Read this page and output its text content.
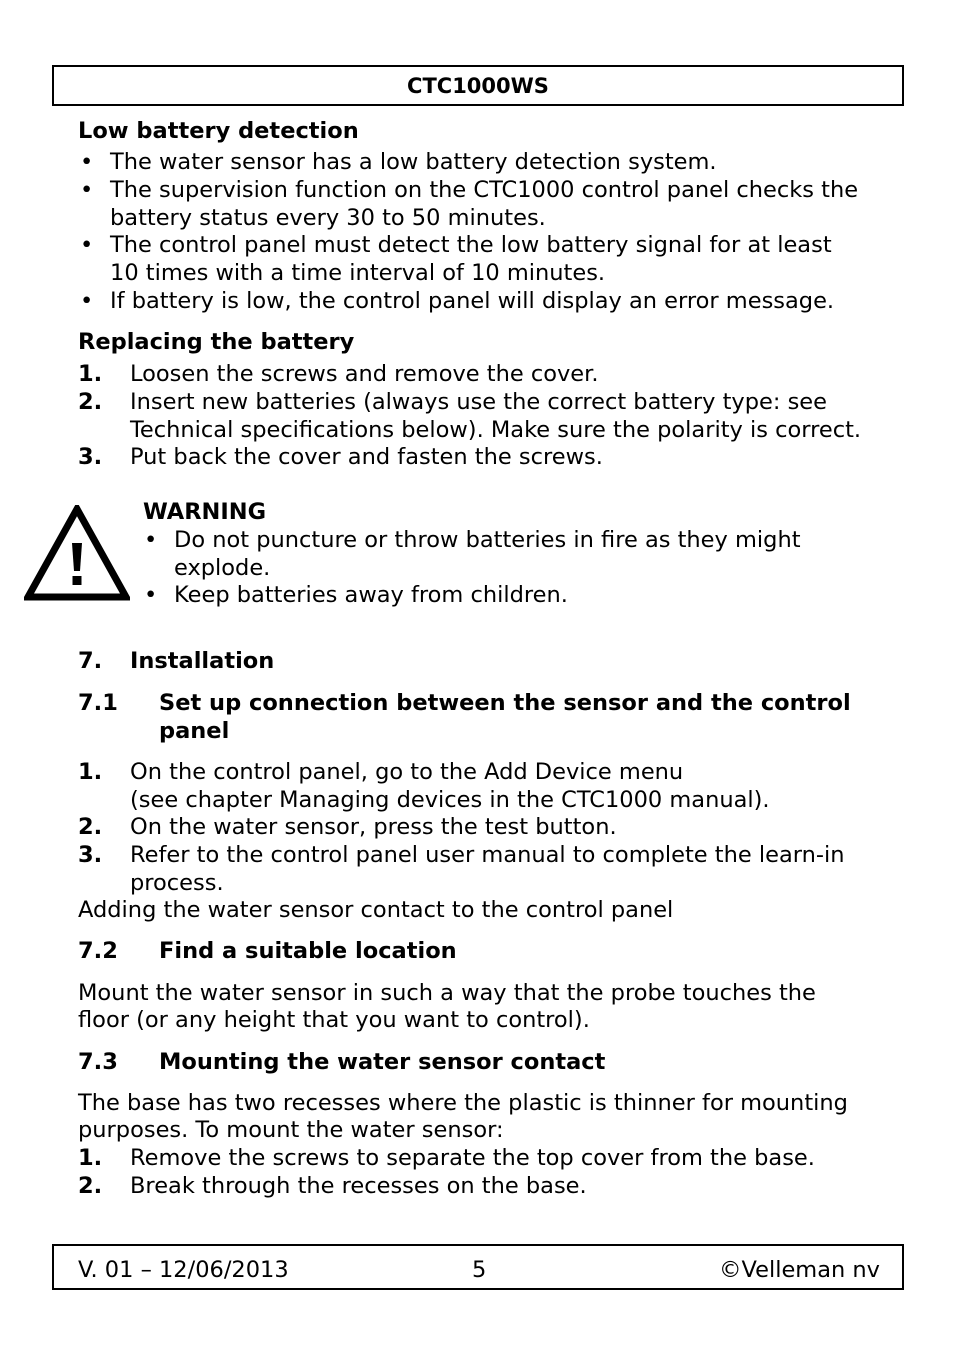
CTC1000WS
Low battery detection
• The water sensor has a low battery detection system.
• The supervision function on the CTC1000 control panel checks the
battery status every 30 to 50 minutes.
• The control panel must detect the low battery signal for at least
10 times with a time interval of 10 minutes.
• If battery is low, the control panel will display an error message.
Replacing the battery
1. Loosen the screws and remove the cover.
2. Insert new batteries (always use the correct battery type: see
Technical specifications below). Make sure the polarity is correct.
3. Put back the cover and fasten the screws.
WARNING
• Do not puncture or throw batteries in fire as they might
explode.
• Keep batteries away from children.
7. Installation
7.1 Set up connection between the sensor and the control
panel
1. On the control panel, go to the Add Device menu
(see chapter Managing devices in the CTC1000 manual).
2. On the water sensor, press the test button.
3. Refer to the control panel user manual to complete the learn-in
process.
Adding the water sensor contact to the control panel
7.2 Find a suitable location
Mount the water sensor in such a way that the probe touches the
floor (or any height that you want to control).
7.3 Mounting the water sensor contact
The base has two recesses where the plastic is thinner for mounting
purposes. To mount the water sensor:
1. Remove the screws to separate the top cover from the base.
2. Break through the recesses on the base.
V. 01 – 12/06/2013	5	©Velleman nv
